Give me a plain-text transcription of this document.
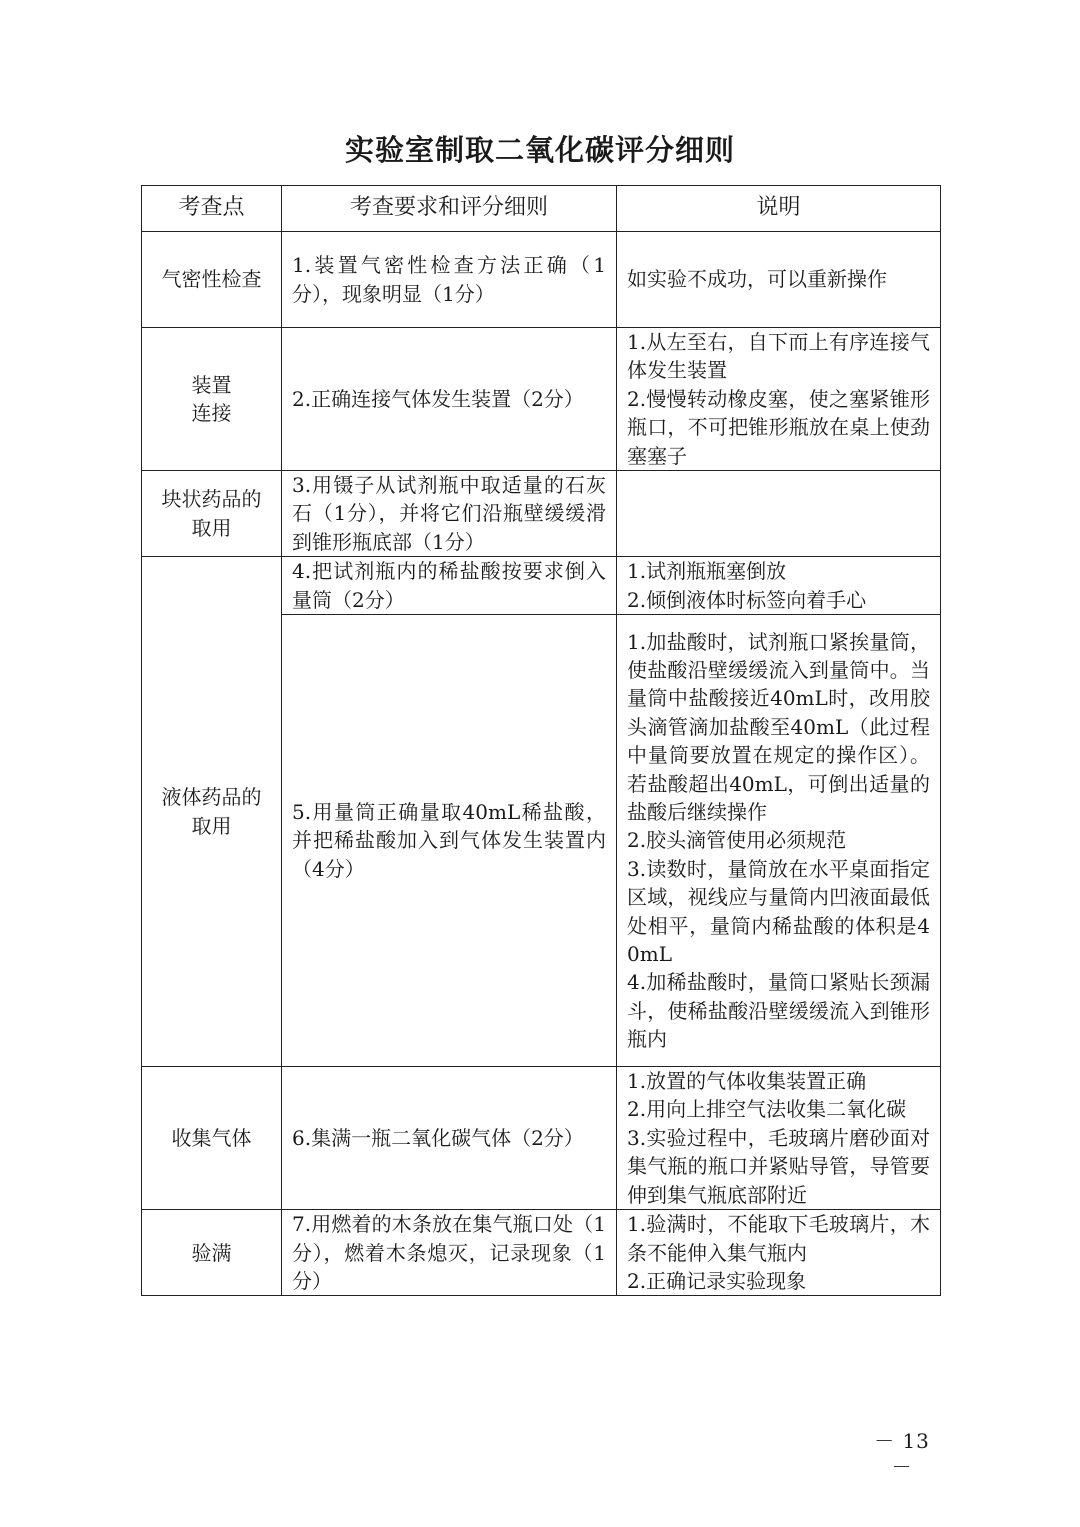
实验室制取二氧化碳评分细则
考查点	考查要求和评分细则	说明

气密性检查	1.装置气密性检查方法正确（1分），现象明显（1分）	如实验不成功，可以重新操作

装置
连接	2.正确连接气体发生装置（2分）	1.从左至右，自下而上有序连接气体发生装置
2.慢慢转动橡皮塞，使之塞紧锥形瓶口，不可把锥形瓶放在桌上使劲塞塞子

块状药品的
取用	3.用镊子从试剂瓶中取适量的石灰石（1分），并将它们沿瓶壁缓缓滑到锥形瓶底部（1分）	

液体药品的
取用	4.把试剂瓶内的稀盐酸按要求倒入量筒（2分）	1.试剂瓶瓶塞倒放
2.倾倒液体时标签向着手心

	5.用量筒正确量取40mL稀盐酸，并把稀盐酸加入到气体发生装置内（4分）	1.加盐酸时，试剂瓶口紧挨量筒，使盐酸沿壁缓缓流入到量筒中。当量筒中盐酸接近40mL时，改用胶头滴管滴加盐酸至40mL（此过程中量筒要放置在规定的操作区）。若盐酸超出40mL，可倒出适量的盐酸后继续操作
2.胶头滴管使用必须规范
3.读数时，量筒放在水平桌面指定区域，视线应与量筒内凹液面最低处相平，量筒内稀盐酸的体积是40mL
4.加稀盐酸时，量筒口紧贴长颈漏斗，使稀盐酸沿壁缓缓流入到锥形瓶内

收集气体	6.集满一瓶二氧化碳气体（2分）	1.放置的气体收集装置正确
2.用向上排空气法收集二氧化碳
3.实验过程中，毛玻璃片磨砂面对集气瓶的瓶口并紧贴导管，导管要伸到集气瓶底部附近

验满	7.用燃着的木条放在集气瓶口处（1分），燃着木条熄灭，记录现象（1分）	1.验满时，不能取下毛玻璃片，木条不能伸入集气瓶内
2.正确记录实验现象
－ 13 －
